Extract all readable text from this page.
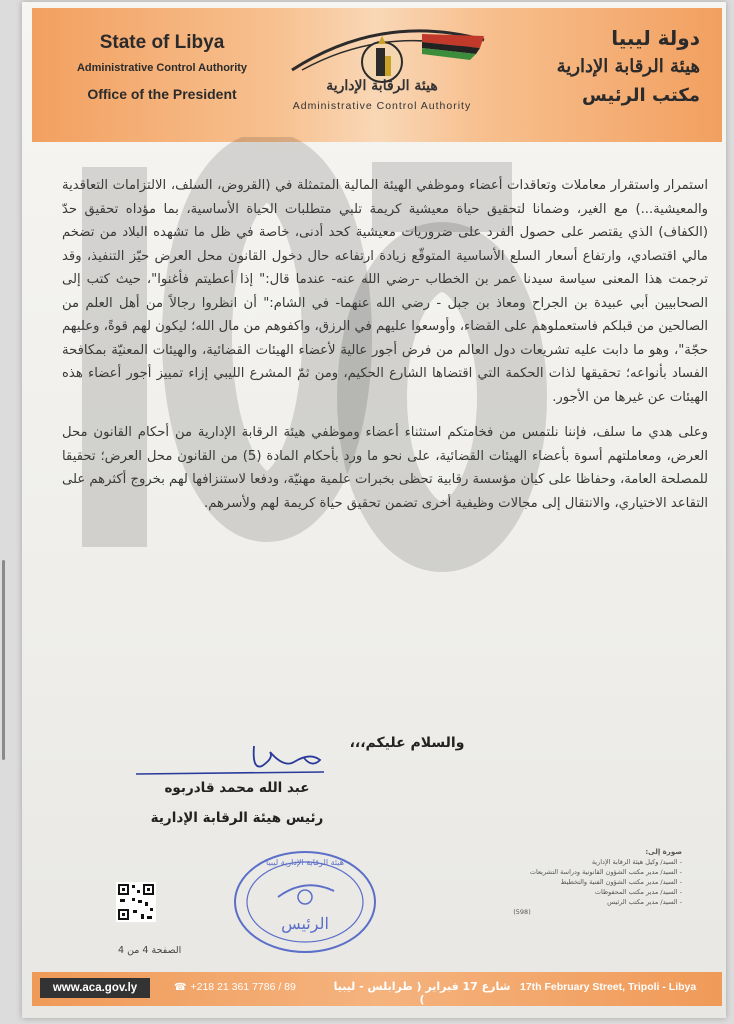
State of Libya
Administrative Control Authority
Office of the President	هيئة الرقابة الإدارية
Administrative Control Authority
دولة ليبيا
هيئة الرقابة الإدارية
مكتب الرئيس

استمرار واستقرار معاملات وتعاقدات أعضاء وموظفي الهيئة المالية المتمثلة في (القروض، السلف، الالتزامات التعاقدية والمعيشية...) مع الغير، وضمانا لتحقيق حياة معيشية كريمة تلبي متطلبات الحياة الأساسية، بما مؤداه تحقيق حدّ (الكفاف) الذي يقتصر على حصول الفرد على ضروريات معيشية كحد أدنى، خاصة في ظل ما تشهده البلاد من تضخم مالي اقتصادي، وارتفاع أسعار السلع الأساسية المتوقّع زيادة ارتفاعه حال دخول القانون محل العرض حيّز التنفيذ، وقد ترجمت هذا المعنى سياسة سيدنا عمر بن الخطاب -رضي الله عنه- عندما قال:" إذا أعطيتم فأغنوا"، حيث كتب إلى الصحابيين أبي عبيدة بن الجراح ومعاذ بن جبل - رضي الله عنهما- في الشام:" أن انظروا رجالاً من أهل العلم من الصالحين من قبلكم فاستعملوهم على القضاء، وأوسعوا عليهم في الرزق، واكفوهم من مال الله؛ ليكون لهم قوةً، وعليهم حجّة"، وهو ما دابت عليه تشريعات دول العالم من فرض أجور عالية لأعضاء الهيئات القضائية، والهيئات المعنيّة بمكافحة الفساد بأنواعه؛ تحقيقها لذات الحكمة التي اقتضاها الشارع الحكيم، ومن ثمّ المشرع الليبي إزاء تمييز أجور أعضاء هذه الهيئات عن غيرها من الأجور.

وعلى هدي ما سلف، فإننا نلتمس من فخامتكم استثناء أعضاء وموظفي هيئة الرقابة الإدارية من أحكام القانون محل العرض، ومعاملتهم أسوة بأعضاء الهيئات القضائية، على نحو ما ورد بأحكام المادة (5) من القانون محل العرض؛ تحقيقا للمصلحة العامة، وحفاظا على كيان مؤسسة رقابية تحظى بخبرات علمية مهنيّة، ودفعا لاستنزافها لهم بخروج أكثرهم على التقاعد الاختياري، والانتقال إلى مجالات وظيفية أخرى تضمن تحقيق حياة كريمة لهم ولأسرهم.

والسلام عليكم،،،
عبد الله محمد قادربوه
رئيس هيئة الرقابة الإدارية
صورة إلى:
- السيد/ وكيل هيئة الرقابة الإدارية
- السيد/ مدير مكتب الشؤون القانونية ودراسة التشريعات
- السيد/ مدير مكتب الشؤون الفنية والتخطيط
- السيد/ مدير مكتب المحفوظات
- السيد/ مدير مكتب الرئيس
(598)
هيئة الرقابة الإدارية ليبيا
الرئيس
الصفحة 4 من 4
www.aca.gov.ly	☎ +218 21 361 7786 / 89	شارع 17 فبراير ( طرابلس - ليبيا )
17th February Street, Tripoli - Libya
